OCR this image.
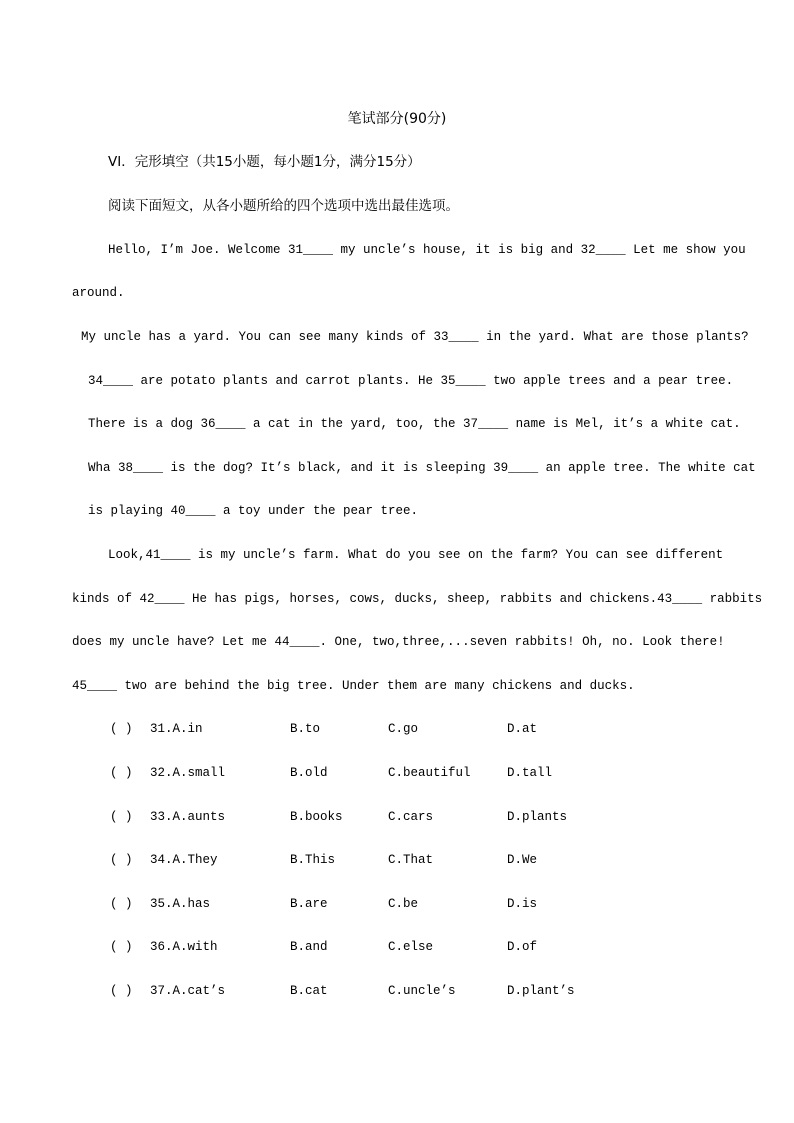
笔试部分(90分)
VI．完形填空（共15小题，每小题1分，满分15分）
阅读下面短文，从各小题所给的四个选项中选出最佳选项。
Hello, I’m Joe. Welcome 31____ my uncle’s house, it is big and 32____ Let me show you
around.
My uncle has a yard. You can see many kinds of 33____ in the yard. What are those plants?
34____ are potato plants and carrot plants. He 35____ two apple trees and a pear tree.
There is a dog 36____ a cat in the yard, too, the 37____ name is Mel, it’s a white cat.
Wha 38____ is the dog? It’s black, and it is sleeping 39____ an apple tree. The white cat
is playing 40____ a toy under the pear tree.
Look,41____ is my uncle’s farm. What do you see on the farm? You can see different
kinds of 42____ He has pigs, horses, cows, ducks, sheep, rabbits and chickens.43____ rabbits
does my uncle have? Let me 44____. One, two,three,...seven rabbits! Oh, no. Look there!
45____ two are behind the big tree. Under them are many chickens and ducks.
( ) 31.A.in	B.to	C.go	D.at
( ) 32.A.small	B.old	C.beautiful	D.tall
( ) 33.A.aunts	B.books	C.cars	D.plants
( ) 34.A.They	B.This	C.That	D.We
( ) 35.A.has	B.are	C.be	D.is
( ) 36.A.with	B.and	C.else	D.of
( ) 37.A.cat’s	B.cat	C.uncle’s	D.plant’s
